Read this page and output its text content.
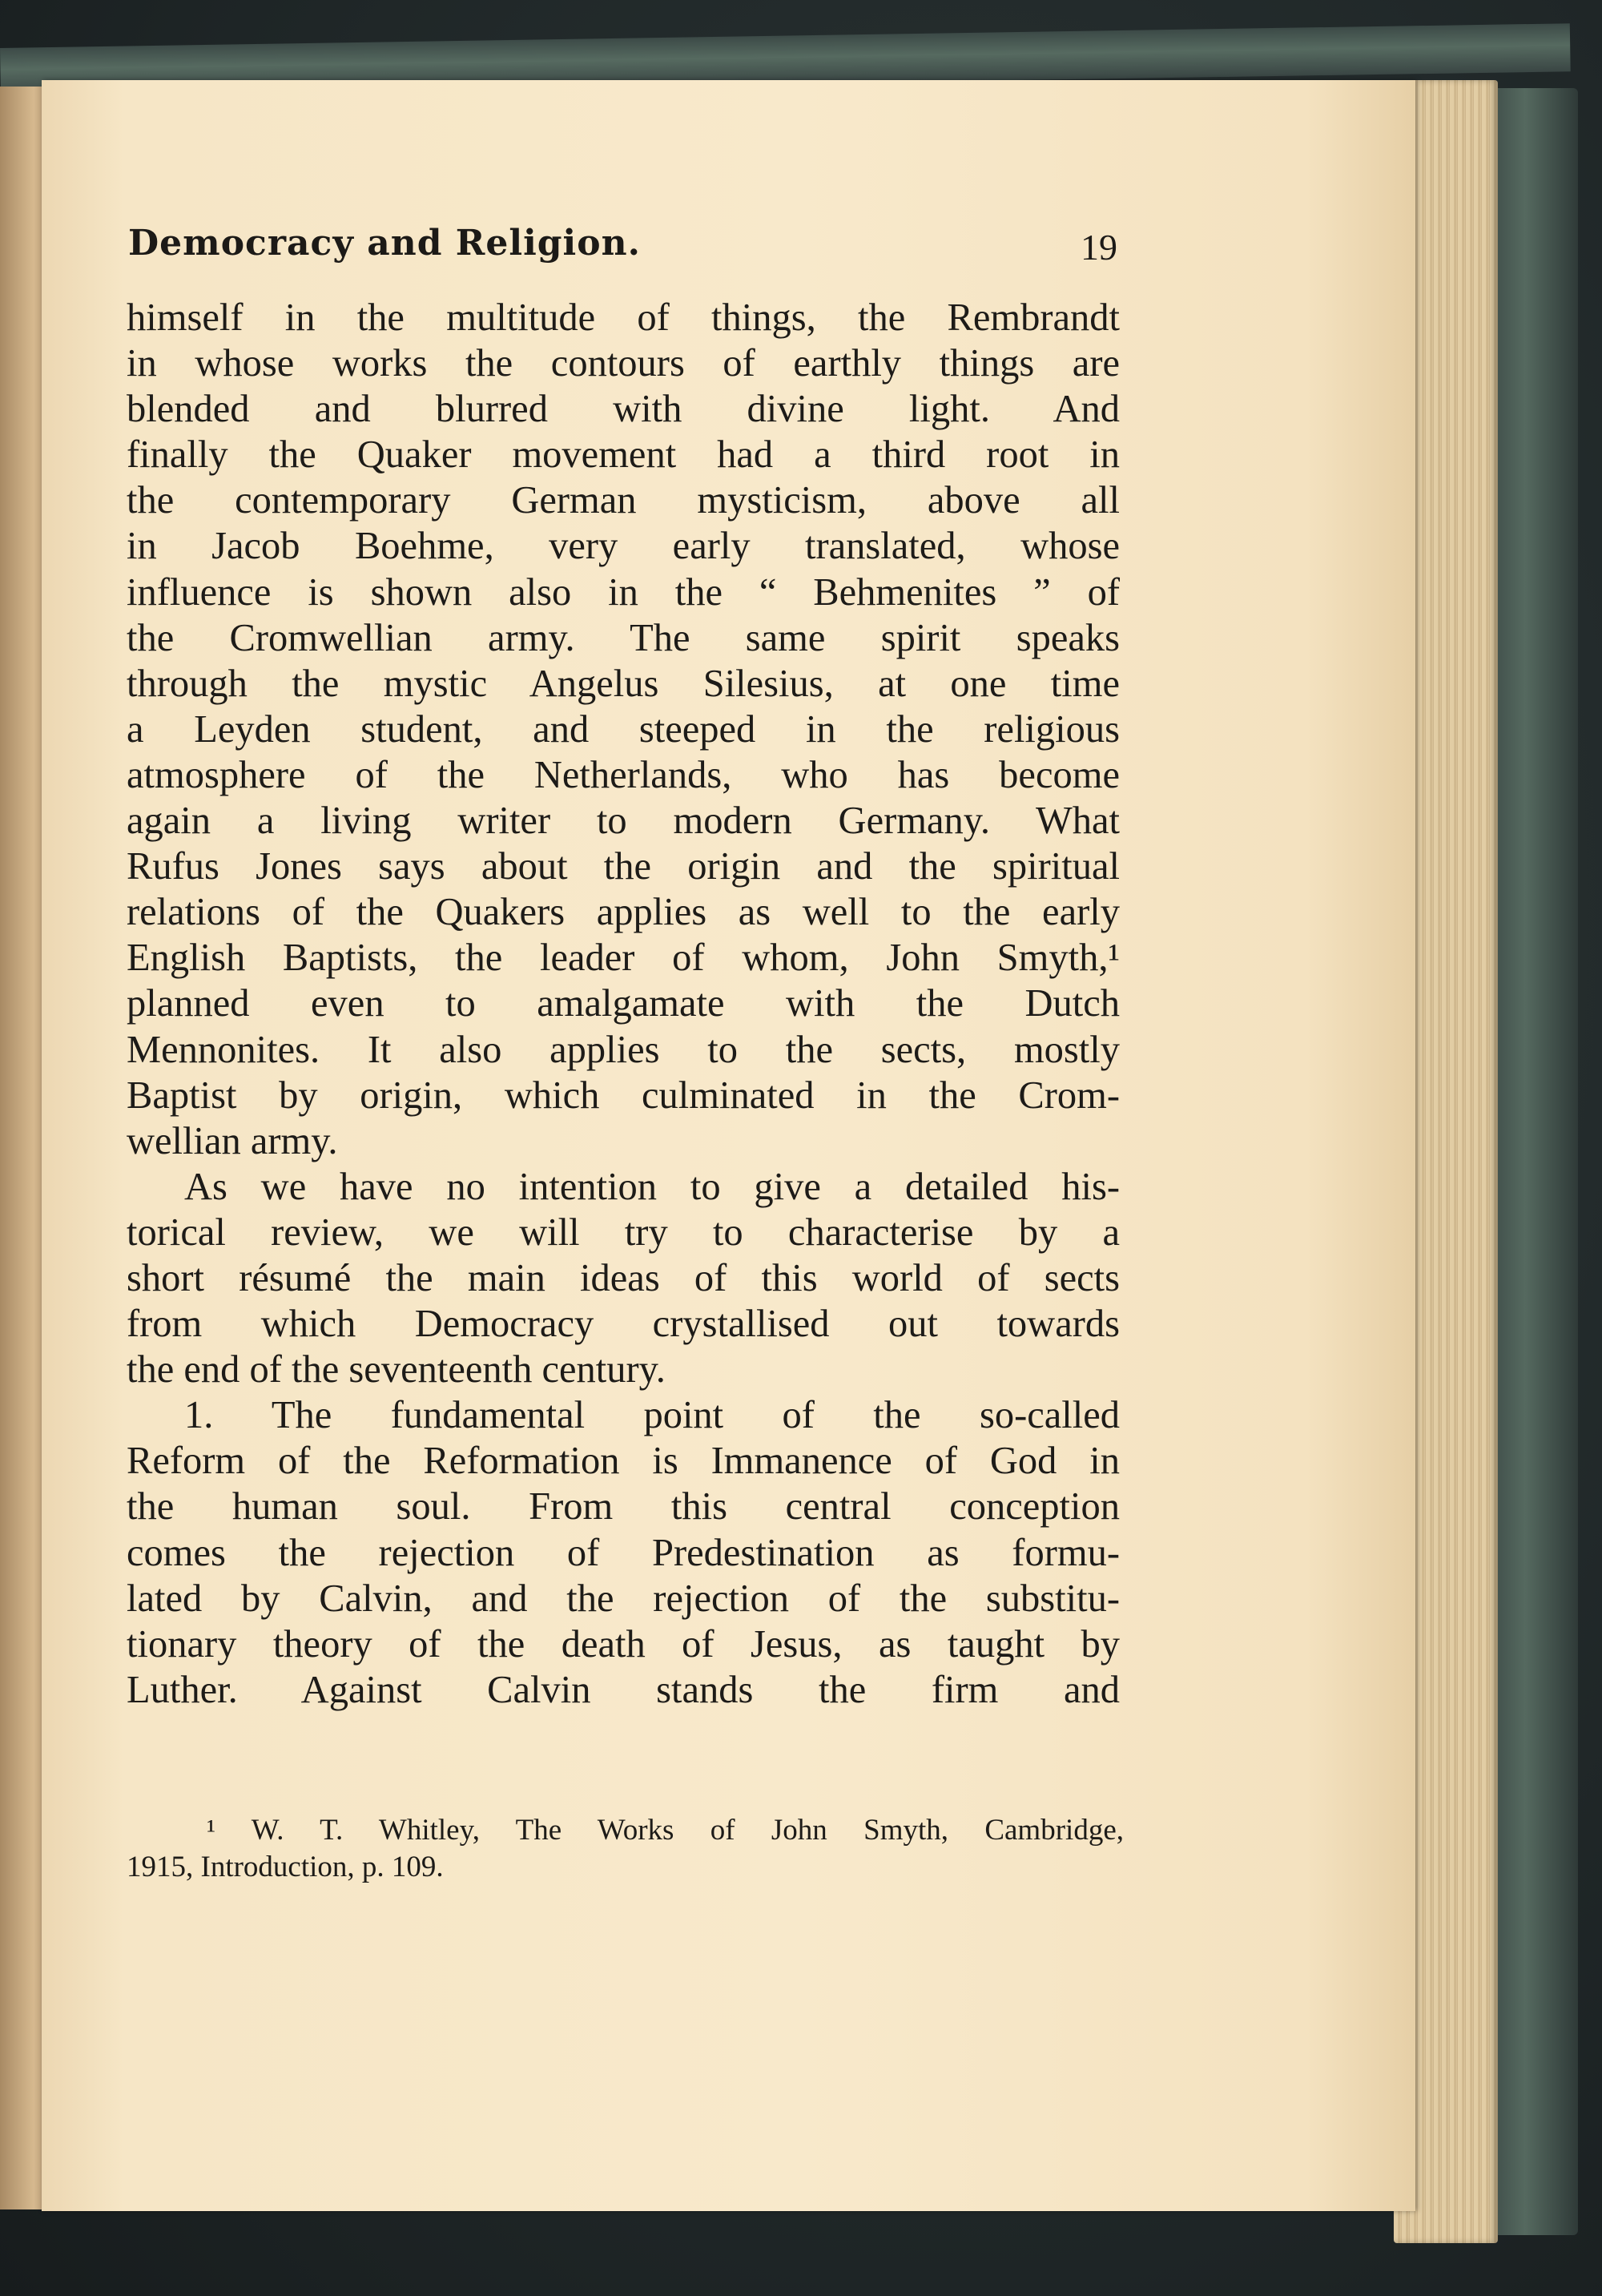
Democracy and Religion.	19
himself in the multitude of things, the Rembrandt
in whose works the contours of earthly things are
blended and blurred with divine light. And
finally the Quaker movement had a third root in
the contemporary German mysticism, above all
in Jacob Boehme, very early translated, whose
influence is shown also in the “ Behmenites ” of
the Cromwellian army. The same spirit speaks
through the mystic Angelus Silesius, at one time
a Leyden student, and steeped in the religious
atmosphere of the Netherlands, who has become
again a living writer to modern Germany. What
Rufus Jones says about the origin and the spiritual
relations of the Quakers applies as well to the early
English Baptists, the leader of whom, John Smyth,¹
planned even to amalgamate with the Dutch
Mennonites. It also applies to the sects, mostly
Baptist by origin, which culminated in the Crom-
wellian army.
As we have no intention to give a detailed his-
torical review, we will try to characterise by a
short résumé the main ideas of this world of sects
from which Democracy crystallised out towards
the end of the seventeenth century.
1. The fundamental point of the so-called
Reform of the Reformation is Immanence of God in
the human soul. From this central conception
comes the rejection of Predestination as formu-
lated by Calvin, and the rejection of the substitu-
tionary theory of the death of Jesus, as taught by
Luther. Against Calvin stands the firm and
¹ W. T. Whitley, The Works of John Smyth, Cambridge,
1915, Introduction, p. 109.
